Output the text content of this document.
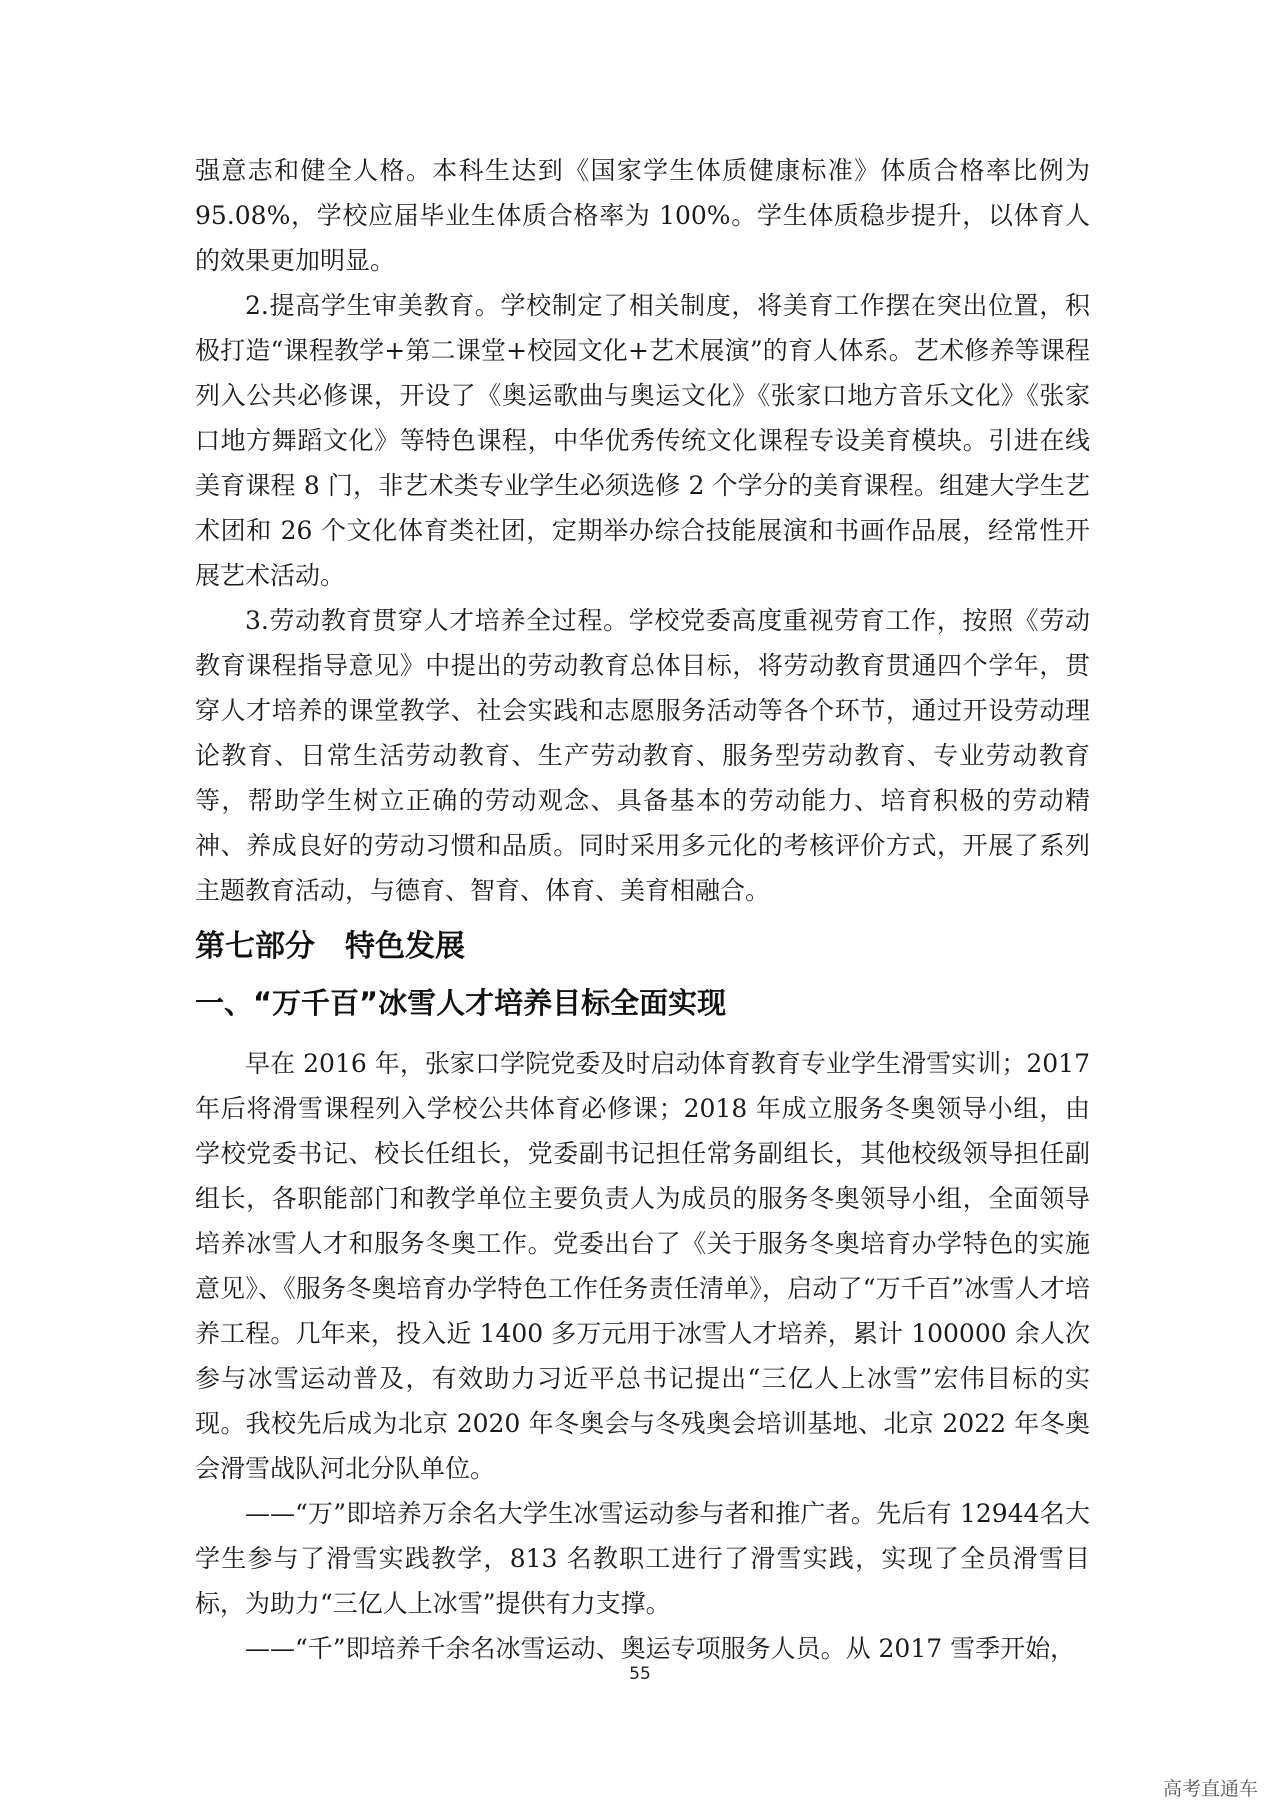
强意志和健全人格。本科生达到《国家学生体质健康标准》体质合格率比例为95.08%，学校应届毕业生体质合格率为 100%。学生体质稳步提升，以体育人的效果更加明显。

2.提高学生审美教育。学校制定了相关制度，将美育工作摆在突出位置，积极打造“课程教学+第二课堂+校园文化+艺术展演”的育人体系。艺术修养等课程列入公共必修课，开设了《奥运歌曲与奥运文化》《张家口地方音乐文化》《张家口地方舞蹈文化》等特色课程，中华优秀传统文化课程专设美育模块。引进在线美育课程 8 门，非艺术类专业学生必须选修 2 个学分的美育课程。组建大学生艺术团和 26 个文化体育类社团，定期举办综合技能展演和书画作品展，经常性开展艺术活动。

3.劳动教育贯穿人才培养全过程。学校党委高度重视劳育工作，按照《劳动教育课程指导意见》中提出的劳动教育总体目标，将劳动教育贯通四个学年，贯穿人才培养的课堂教学、社会实践和志愿服务活动等各个环节，通过开设劳动理论教育、日常生活劳动教育、生产劳动教育、服务型劳动教育、专业劳动教育等，帮助学生树立正确的劳动观念、具备基本的劳动能力、培育积极的劳动精神、养成良好的劳动习惯和品质。同时采用多元化的考核评价方式，开展了系列主题教育活动，与德育、智育、体育、美育相融合。

第七部分　特色发展
一、“万千百”冰雪人才培养目标全面实现

早在 2016 年，张家口学院党委及时启动体育教育专业学生滑雪实训；2017年后将滑雪课程列入学校公共体育必修课；2018 年成立服务冬奥领导小组，由学校党委书记、校长任组长，党委副书记担任常务副组长，其他校级领导担任副组长，各职能部门和教学单位主要负责人为成员的服务冬奥领导小组，全面领导培养冰雪人才和服务冬奥工作。党委出台了《关于服务冬奥培育办学特色的实施意见》、《服务冬奥培育办学特色工作任务责任清单》，启动了“万千百”冰雪人才培养工程。几年来，投入近 1400 多万元用于冰雪人才培养，累计 100000 余人次参与冰雪运动普及，有效助力习近平总书记提出“三亿人上冰雪”宏伟目标的实现。我校先后成为北京 2020 年冬奥会与冬残奥会培训基地、北京 2022 年冬奥会滑雪战队河北分队单位。

——“万”即培养万余名大学生冰雪运动参与者和推广者。先后有 12944名大学生参与了滑雪实践教学，813 名教职工进行了滑雪实践，实现了全员滑雪目标，为助力“三亿人上冰雪”提供有力支撑。

——“千”即培养千余名冰雪运动、奥运专项服务人员。从 2017 雪季开始，

55
高考直通车
